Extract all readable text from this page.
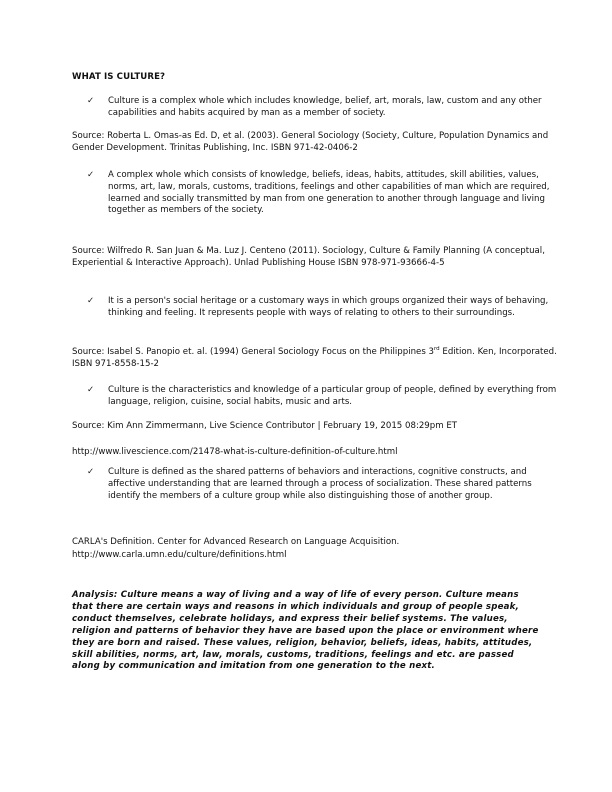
WHAT IS CULTURE?
✓	Culture is a complex whole which includes knowledge, belief, art, morals, law, custom and any other capabilities and habits acquired by man as a member of society.
Source: Roberta L. Omas-as Ed. D, et al. (2003). General Sociology (Society, Culture, Population Dynamics and Gender Development. Trinitas Publishing, Inc. ISBN 971-42-0406-2
✓	A complex whole which consists of knowledge, beliefs, ideas, habits, attitudes, skill abilities, values, norms, art, law, morals, customs, traditions, feelings and other capabilities of man which are required, learned and socially transmitted by man from one generation to another through language and living together as members of the society.
Source: Wilfredo R. San Juan & Ma. Luz J. Centeno (2011). Sociology, Culture & Family Planning (A conceptual, Experiential & Interactive Approach). Unlad Publishing House ISBN 978-971-93666-4-5
✓	It is a person's social heritage or a customary ways in which groups organized their ways of behaving, thinking and feeling. It represents people with ways of relating to others to their surroundings.
Source: Isabel S. Panopio et. al. (1994) General Sociology Focus on the Philippines 3rd Edition. Ken, Incorporated. ISBN 971-8558-15-2
✓	Culture is the characteristics and knowledge of a particular group of people, defined by everything from language, religion, cuisine, social habits, music and arts.
Source: Kim Ann Zimmermann, Live Science Contributor | February 19, 2015 08:29pm ET
http://www.livescience.com/21478-what-is-culture-definition-of-culture.html
✓	Culture is defined as the shared patterns of behaviors and interactions, cognitive constructs, and affective understanding that are learned through a process of socialization. These shared patterns identify the members of a culture group while also distinguishing those of another group.
CARLA's Definition. Center for Advanced Research on Language Acquisition.
http://www.carla.umn.edu/culture/definitions.html
Analysis: Culture means a way of living and a way of life of every person. Culture means that there are certain ways and reasons in which individuals and group of people speak, conduct themselves, celebrate holidays, and express their belief systems. The values, religion and patterns of behavior they have are based upon the place or environment where they are born and raised. These values, religion, behavior, beliefs, ideas, habits, attitudes, skill abilities, norms, art, law, morals, customs, traditions, feelings and etc. are passed along by communication and imitation from one generation to the next.
